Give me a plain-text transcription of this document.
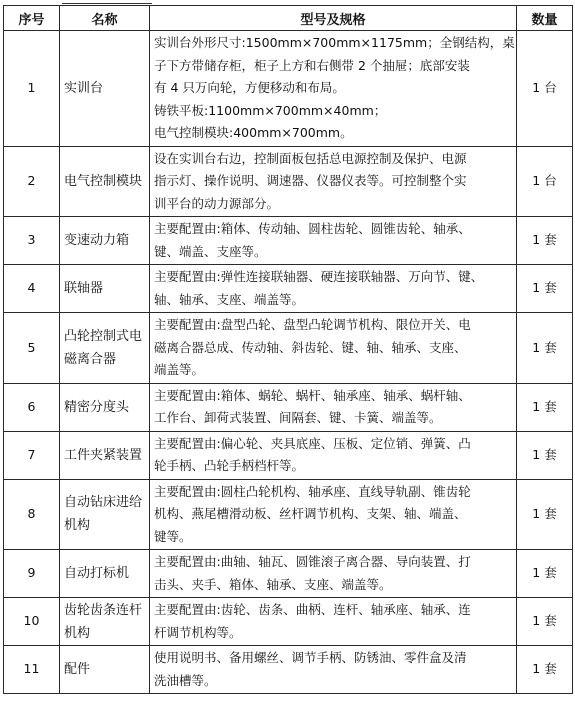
序号	名称	型号及规格	数量
1	实训台	实训台外形尺寸:1500mm×700mm×1175mm；全钢结构，桌
子下方带储存柜，柜子上方和右侧带 2 个抽屉；底部安装
有 4 只万向轮，方便移动和布局。
铸铁平板:1100mm×700mm×40mm；
电气控制模块:400mm×700mm。	1 台
2	电气控制模块	设在实训台右边，控制面板包括总电源控制及保护、电源
指示灯、操作说明、调速器、仪器仪表等。可控制整个实
训平台的动力源部分。	1 台
3	变速动力箱	主要配置由:箱体、传动轴、圆柱齿轮、圆锥齿轮、轴承、
键、端盖、支座等。	1 套
4	联轴器	主要配置由:弹性连接联轴器、硬连接联轴器、万向节、键、
轴、轴承、支座、端盖等。	1 套
5	凸轮控制式电磁离合器	主要配置由:盘型凸轮、盘型凸轮调节机构、限位开关、电
磁离合器总成、传动轴、斜齿轮、键、轴、轴承、支座、
端盖等。	1 套
6	精密分度头	主要配置由:箱体、蜗轮、蜗杆、轴承座、轴承、蜗杆轴、
工作台、卸荷式装置、间隔套、键、卡簧、端盖等。	1 套
7	工件夹紧装置	主要配置由:偏心轮、夹具底座、压板、定位销、弹簧、凸
轮手柄、凸轮手柄档杆等。	1 套
8	自动钻床进给机构	主要配置由:圆柱凸轮机构、轴承座、直线导轨副、锥齿轮
机构、燕尾槽滑动板、丝杆调节机构、支架、轴、端盖、
键等。	1 套
9	自动打标机	主要配置由:曲轴、轴瓦、圆锥滚子离合器、导向装置、打
击头、夹手、箱体、轴承、支座、端盖等。	1 套
10	齿轮齿条连杆机构	主要配置由:齿轮、齿条、曲柄、连杆、轴承座、轴承、连
杆调节机构等。	1 套
11	配件	使用说明书、备用螺丝、调节手柄、防锈油、零件盒及清
洗油槽等。	1 套
